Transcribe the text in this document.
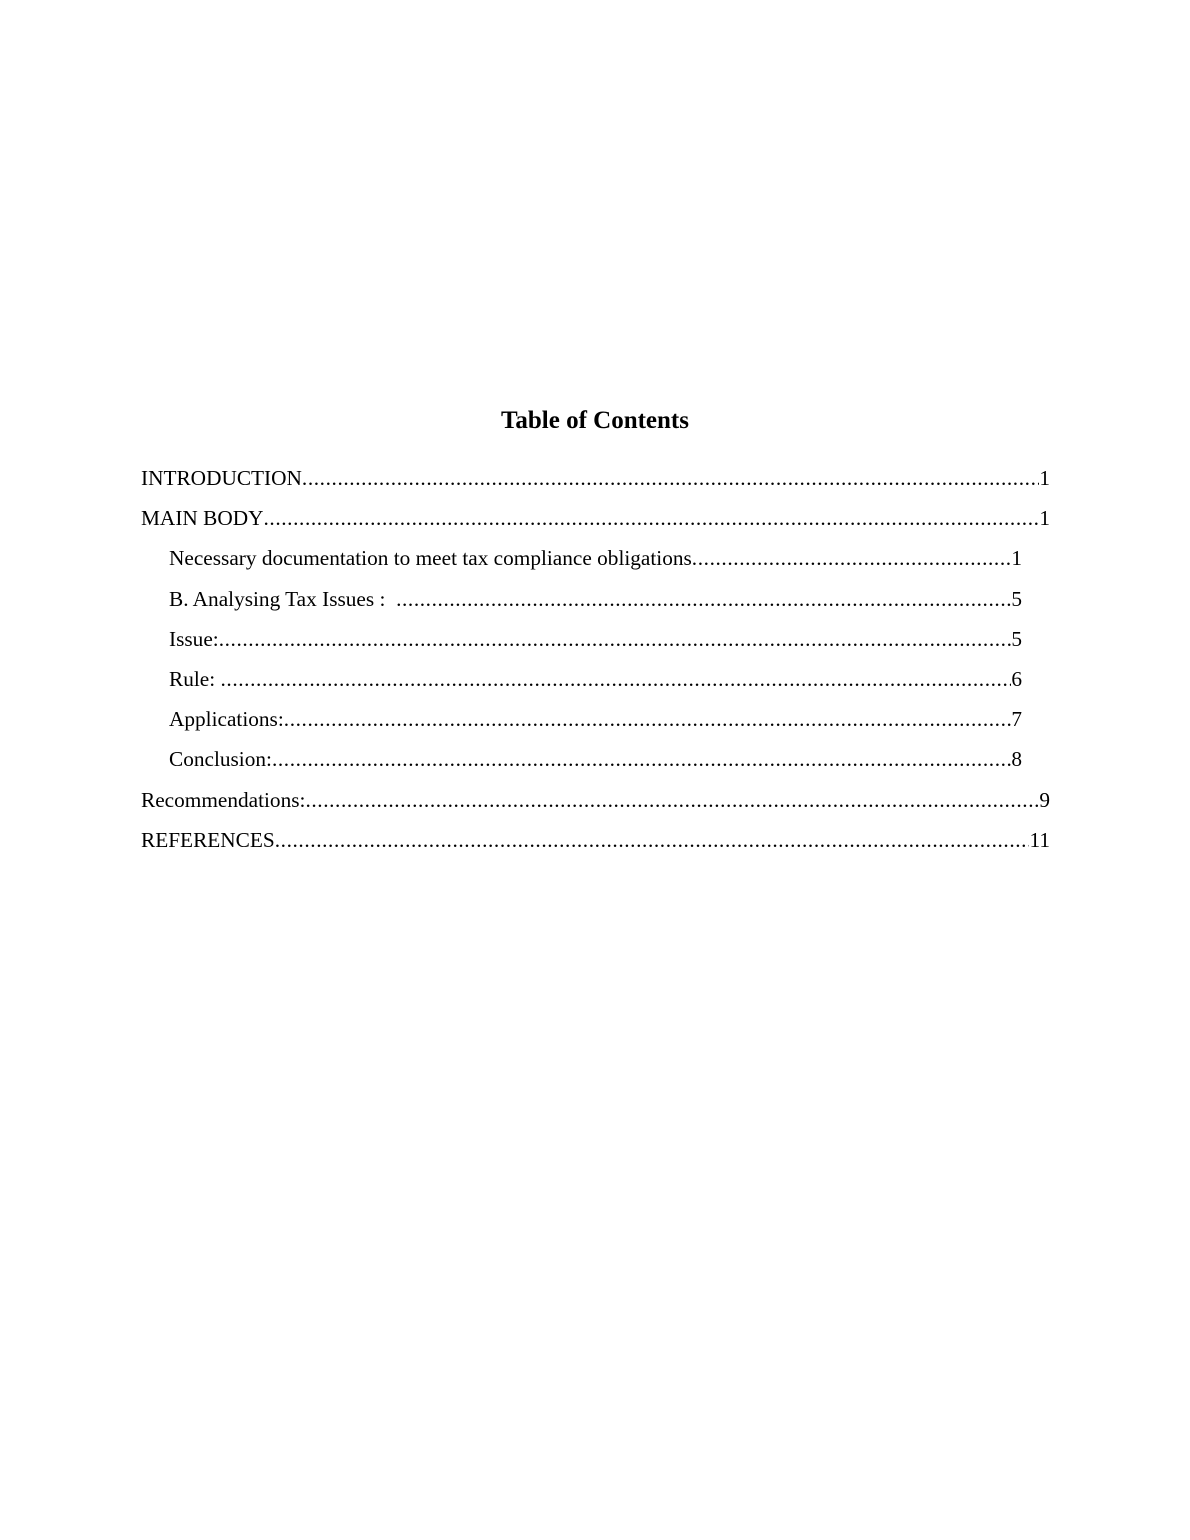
Table of Contents
INTRODUCTION .....	1
MAIN BODY .....	1
Necessary documentation to meet tax compliance obligations .....	1
B. Analysing Tax Issues : .....	5
Issue: .....	5
Rule: .....	6
Applications: .....	7
Conclusion: .....	8
Recommendations: .....	9
REFERENCES .....	11
